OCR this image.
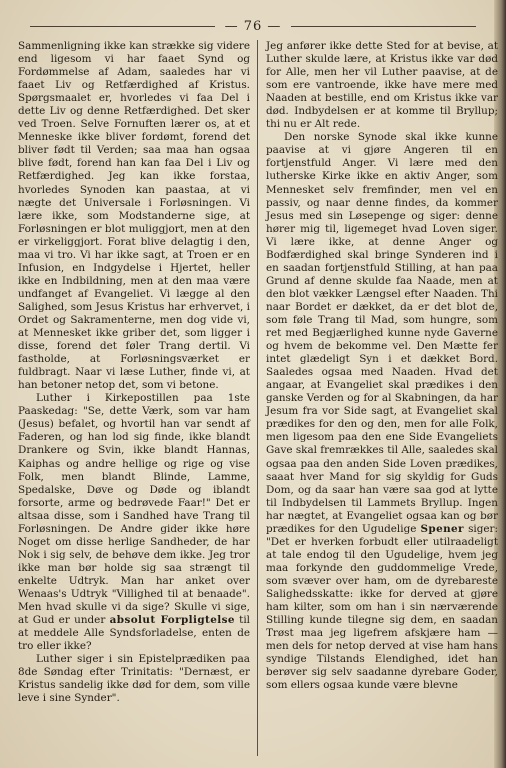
— 76 —

Sammenligning ikke kan strække sig videre end ligesom vi har faaet Synd og Fordømmelse af Adam, saaledes har vi faaet Liv og Retfærdighed af Kristus. Spørgsmaalet er, hvorledes vi faa Del i dette Liv og denne Retfærdighed. Det sker ved Troen. Selve Fornuften lærer os, at et Menneske ikke bliver fordømt, forend det bliver født til Verden; saa maa han ogsaa blive født, forend han kan faa Del i Liv og Retfærdighed. Jeg kan ikke forstaa, hvorledes Synoden kan paastaa, at vi nægte det Universale i Forløsningen. Vi lære ikke, som Modstanderne sige, at Forløsningen er blot muliggjort, men at den er virkeliggjort. Forat blive delagtig i den, maa vi tro. Vi har ikke sagt, at Troen er en Infusion, en Indgydelse i Hjertet, heller ikke en Indbildning, men at den maa være undfanget af Evangeliet. Vi lægge al den Salighed, som Jesus Kristus har erhvervet, i Ordet og Sakramenterne, men dog vide vi, at Mennesket ikke griber det, som ligger i disse, forend det føler Trang dertil. Vi fastholde, at Forløsningsværket er fuldbragt. Naar vi læse Luther, finde vi, at han betoner netop det, som vi betone.

Luther i Kirkepostillen paa 1ste Paaskedag: "Se, dette Værk, som var ham (Jesus) befalet, og hvortil han var sendt af Faderen, og han lod sig finde, ikke blandt Drankere og Svin, ikke blandt Hannas, Kaiphas og andre hellige og rige og vise Folk, men blandt Blinde, Lamme, Spedalske, Døve og Døde og iblandt forsorte, arme og bedrøvede Faar!" Det er altsaa disse, som i Sandhed have Trang til Forløsningen. De Andre gider ikke høre Noget om disse herlige Sandheder, de har Nok i sig selv, de behøve dem ikke. Jeg tror ikke man bør holde sig saa strængt til enkelte Udtryk. Man har anket over Wenaas's Udtryk "Villighed til at benaade". Men hvad skulle vi da sige? Skulle vi sige, at Gud er under absolut Forpligtelse til at meddele Alle Syndsforladelse, enten de tro eller ikke?

Luther siger i sin Epistelprædiken paa 8de Søndag efter Trinitatis: "Dernæst, er Kristus sandelig ikke død for dem, som ville leve i sine Synder".

Jeg anfører ikke dette Sted for at bevise, at Luther skulde lære, at Kristus ikke var død for Alle, men her vil Luther paavise, at de som ere vantroende, ikke have mere med Naaden at bestille, end om Kristus ikke var død. Indbydelsen er at komme til Bryllup; thi nu er Alt rede.

Den norske Synode skal ikke kunne paavise at vi gjøre Angeren til en fortjenstfuld Anger. Vi lære med den lutherske Kirke ikke en aktiv Anger, som Mennesket selv fremfinder, men vel en passiv, og naar denne findes, da kommer Jesus med sin Løsepenge og siger: denne hører mig til, ligemeget hvad Loven siger. Vi lære ikke, at denne Anger og Bodfærdighed skal bringe Synderen ind i en saadan fortjenstfuld Stilling, at han paa Grund af denne skulde faa Naade, men at den blot vækker Længsel efter Naaden. Thi naar Bordet er dækket, da er det blot de, som føle Trang til Mad, som hungre, som ret med Begjærlighed kunne nyde Gaverne og hvem de bekomme vel. Den Mætte fer intet glædeligt Syn i et dækket Bord. Saaledes ogsaa med Naaden. Hvad det angaar, at Evangeliet skal prædikes i den ganske Verden og for al Skabningen, da har Jesum fra vor Side sagt, at Evangeliet skal prædikes for den og den, men for alle Folk, men ligesom paa den ene Side Evangeliets Gave skal fremrækkes til Alle, saaledes skal ogsaa paa den anden Side Loven prædikes, saaat hver Mand for sig skyldig for Guds Dom, og da saar han være saa god at lytte til Indbydelsen til Lammets Bryllup. Ingen har nægtet, at Evangeliet ogsaa kan og bør prædikes for den Ugudelige Spener siger: "Det er hverken forbudt eller utilraadeligt at tale endog til den Ugudelige, hvem jeg maa forkynde den guddommelige Vrede, som svæver over ham, om de dyrebareste Salighedsskatte: ikke for derved at gjøre ham kilter, som om han i sin nærværende Stilling kunde tilegne sig dem, en saadan Trøst maa jeg ligefrem afskjære ham — men dels for netop derved at vise ham hans syndige Tilstands Elendighed, idet han berøver sig selv saadanne dyrebare Goder, som ellers ogsaa kunde være blevne
